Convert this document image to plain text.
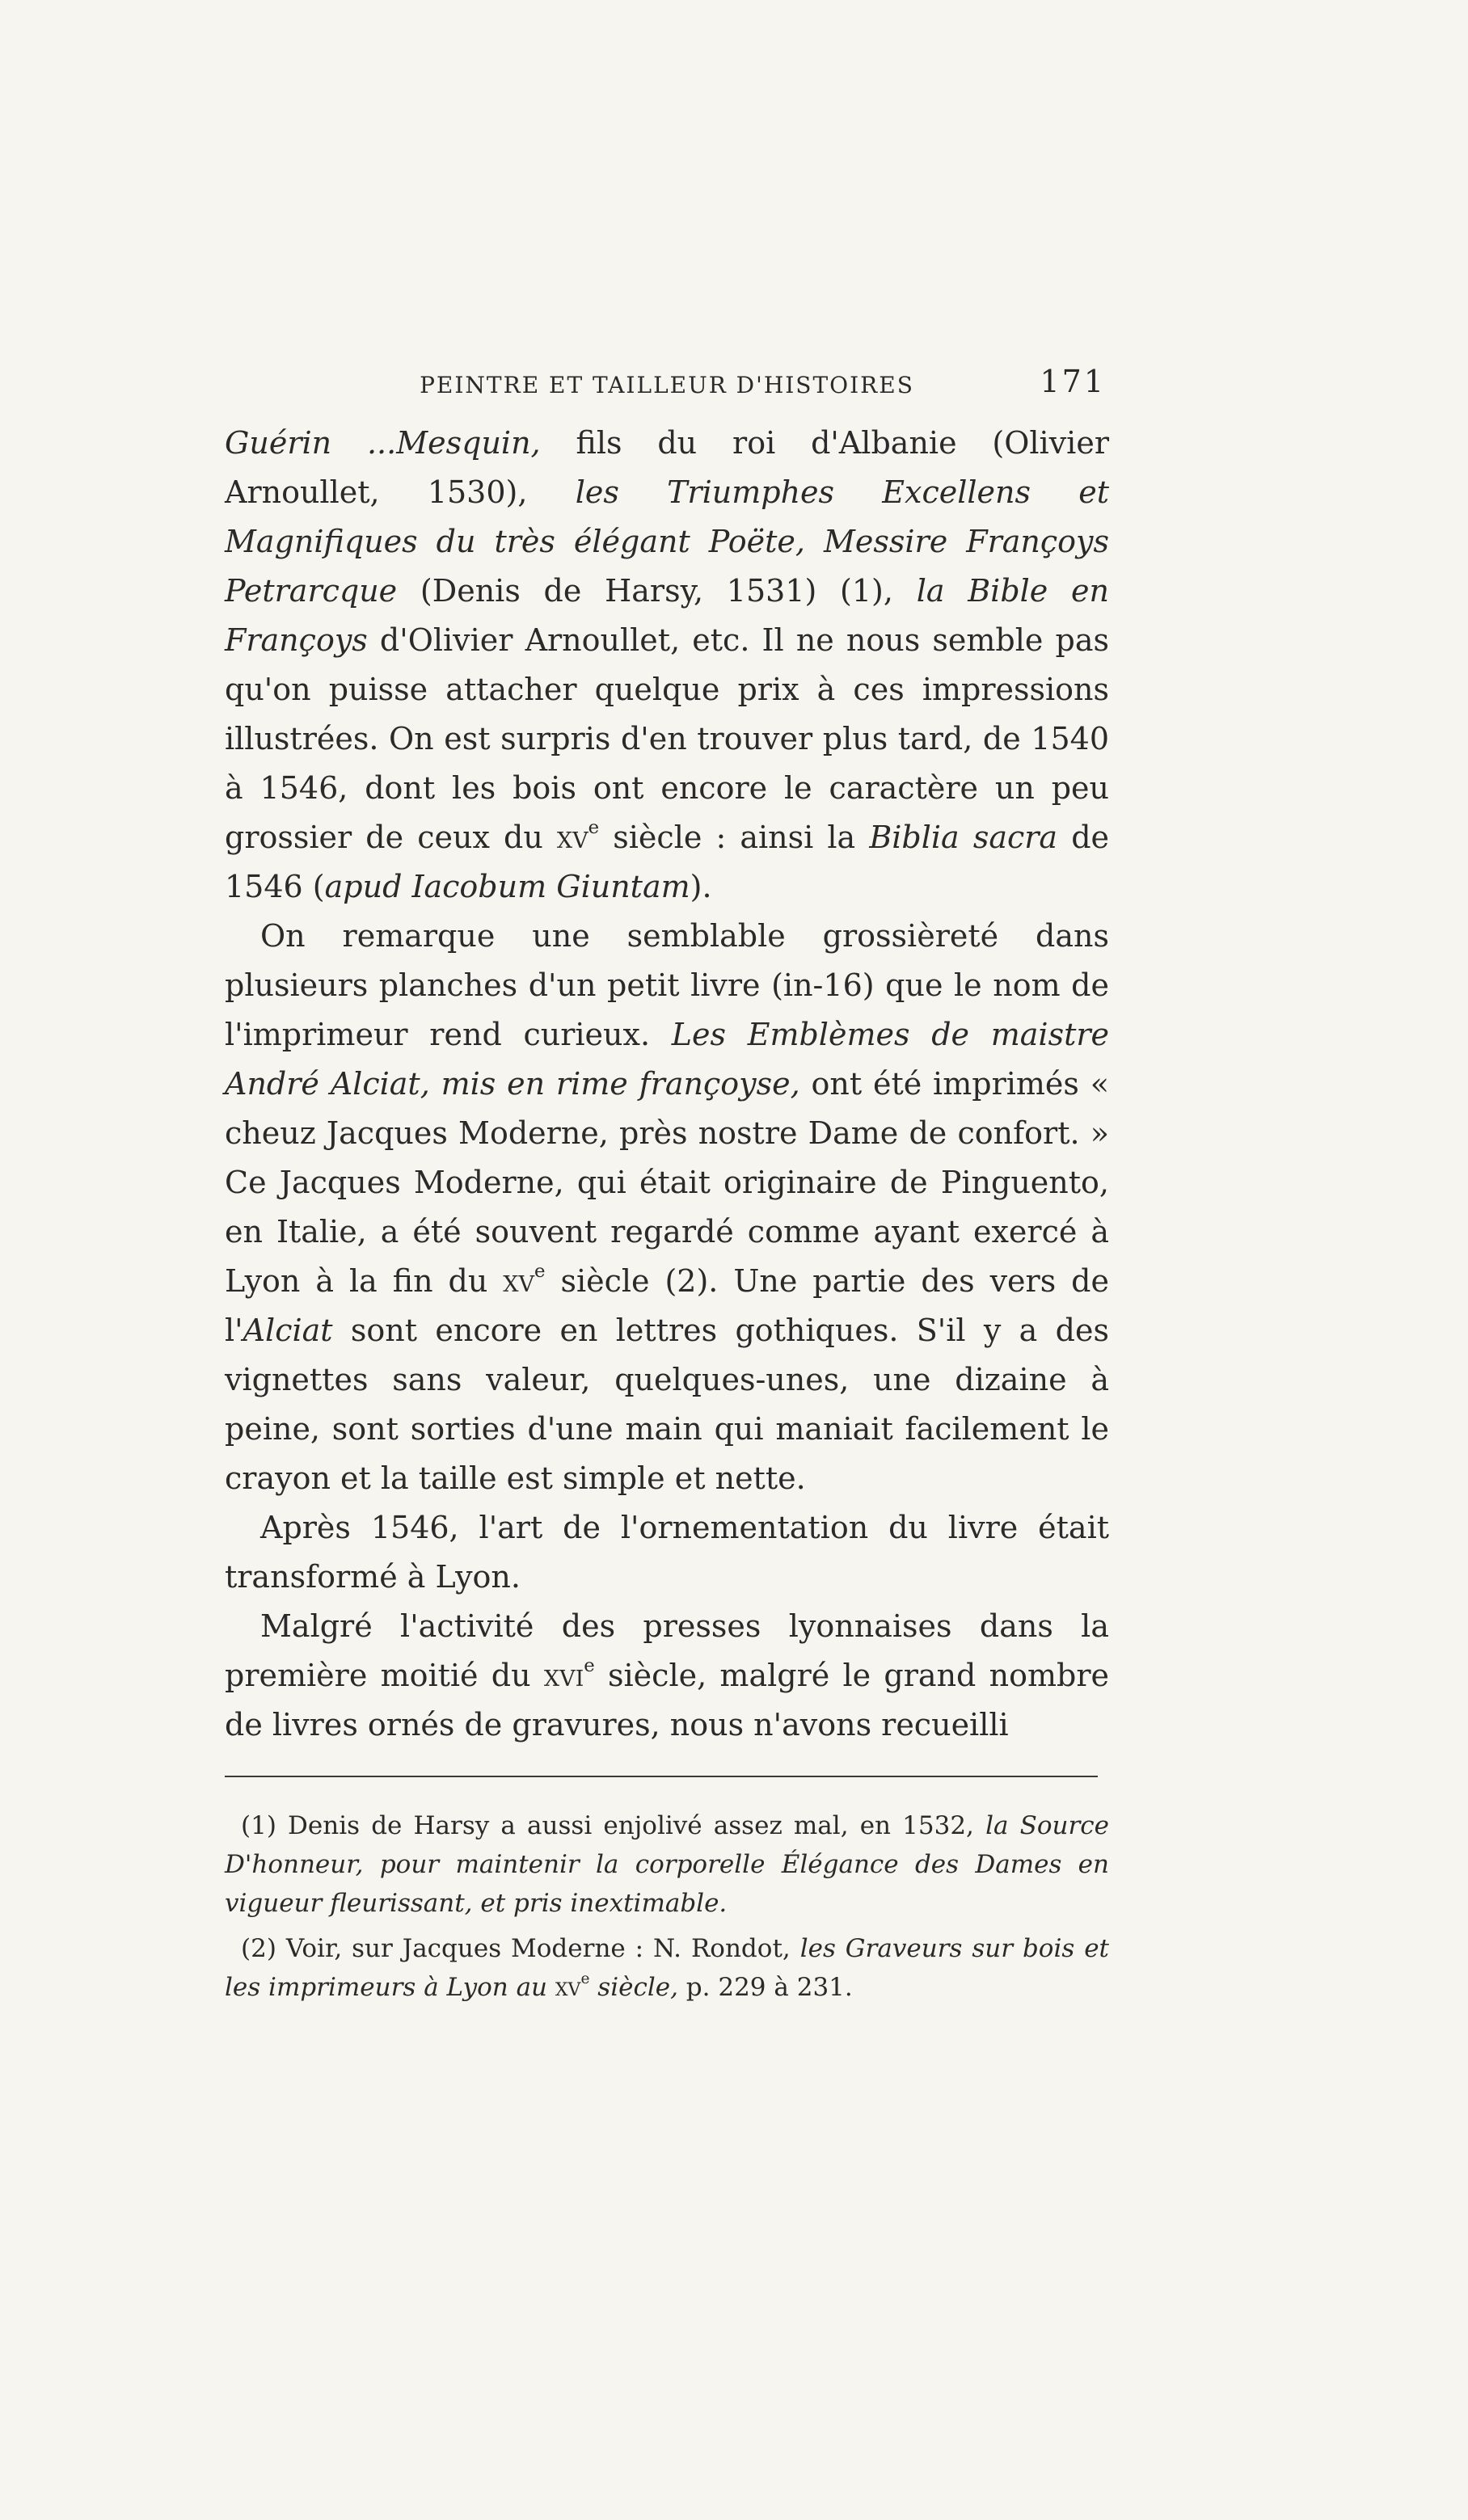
PEINTRE ET TAILLEUR D'HISTOIRES	171

Guérin ...Mesquin, fils du roi d'Albanie (Olivier Arnoullet, 1530), les Triumphes Excellens et Magnifiques du très élégant Poëte, Messire Françoys Petrarcque (Denis de Harsy, 1531) (1), la Bible en Françoys d'Olivier Arnoullet, etc. Il ne nous semble pas qu'on puisse attacher quelque prix à ces impressions illustrées. On est surpris d'en trouver plus tard, de 1540 à 1546, dont les bois ont encore le caractère un peu grossier de ceux du $xv^e$ siècle : ainsi la Biblia sacra de 1546 (apud Iacobum Giuntam).

On remarque une semblable grossièreté dans plusieurs planches d'un petit livre (in-16) que le nom de l'imprimeur rend curieux. Les Emblèmes de maistre André Alciat, mis en rime françoyse, ont été imprimés « cheuz Jacques Moderne, près nostre Dame de confort. » Ce Jacques Moderne, qui était originaire de Pinguento, en Italie, a été souvent regardé comme ayant exercé à Lyon à la fin du $xv^e$ siècle (2). Une partie des vers de l'Alciat sont encore en lettres gothiques. S'il y a des vignettes sans valeur, quelques-unes, une dizaine à peine, sont sorties d'une main qui maniait facilement le crayon et la taille est simple et nette.

Après 1546, l'art de l'ornementation du livre était transformé à Lyon.

Malgré l'activité des presses lyonnaises dans la première moitié du xvi$^e$ siècle, malgré le grand nombre de livres ornés de gravures, nous n'avons recueilli

(1) Denis de Harsy a aussi enjolivé assez mal, en 1532, la Source D'honneur, pour maintenir la corporelle Élégance des Dames en vigueur fleurissant, et pris inextimable.

(2) Voir, sur Jacques Moderne : N. Rondot, les Graveurs sur bois et les imprimeurs à Lyon au $xv^e$ siècle, p. 229 à 231.
